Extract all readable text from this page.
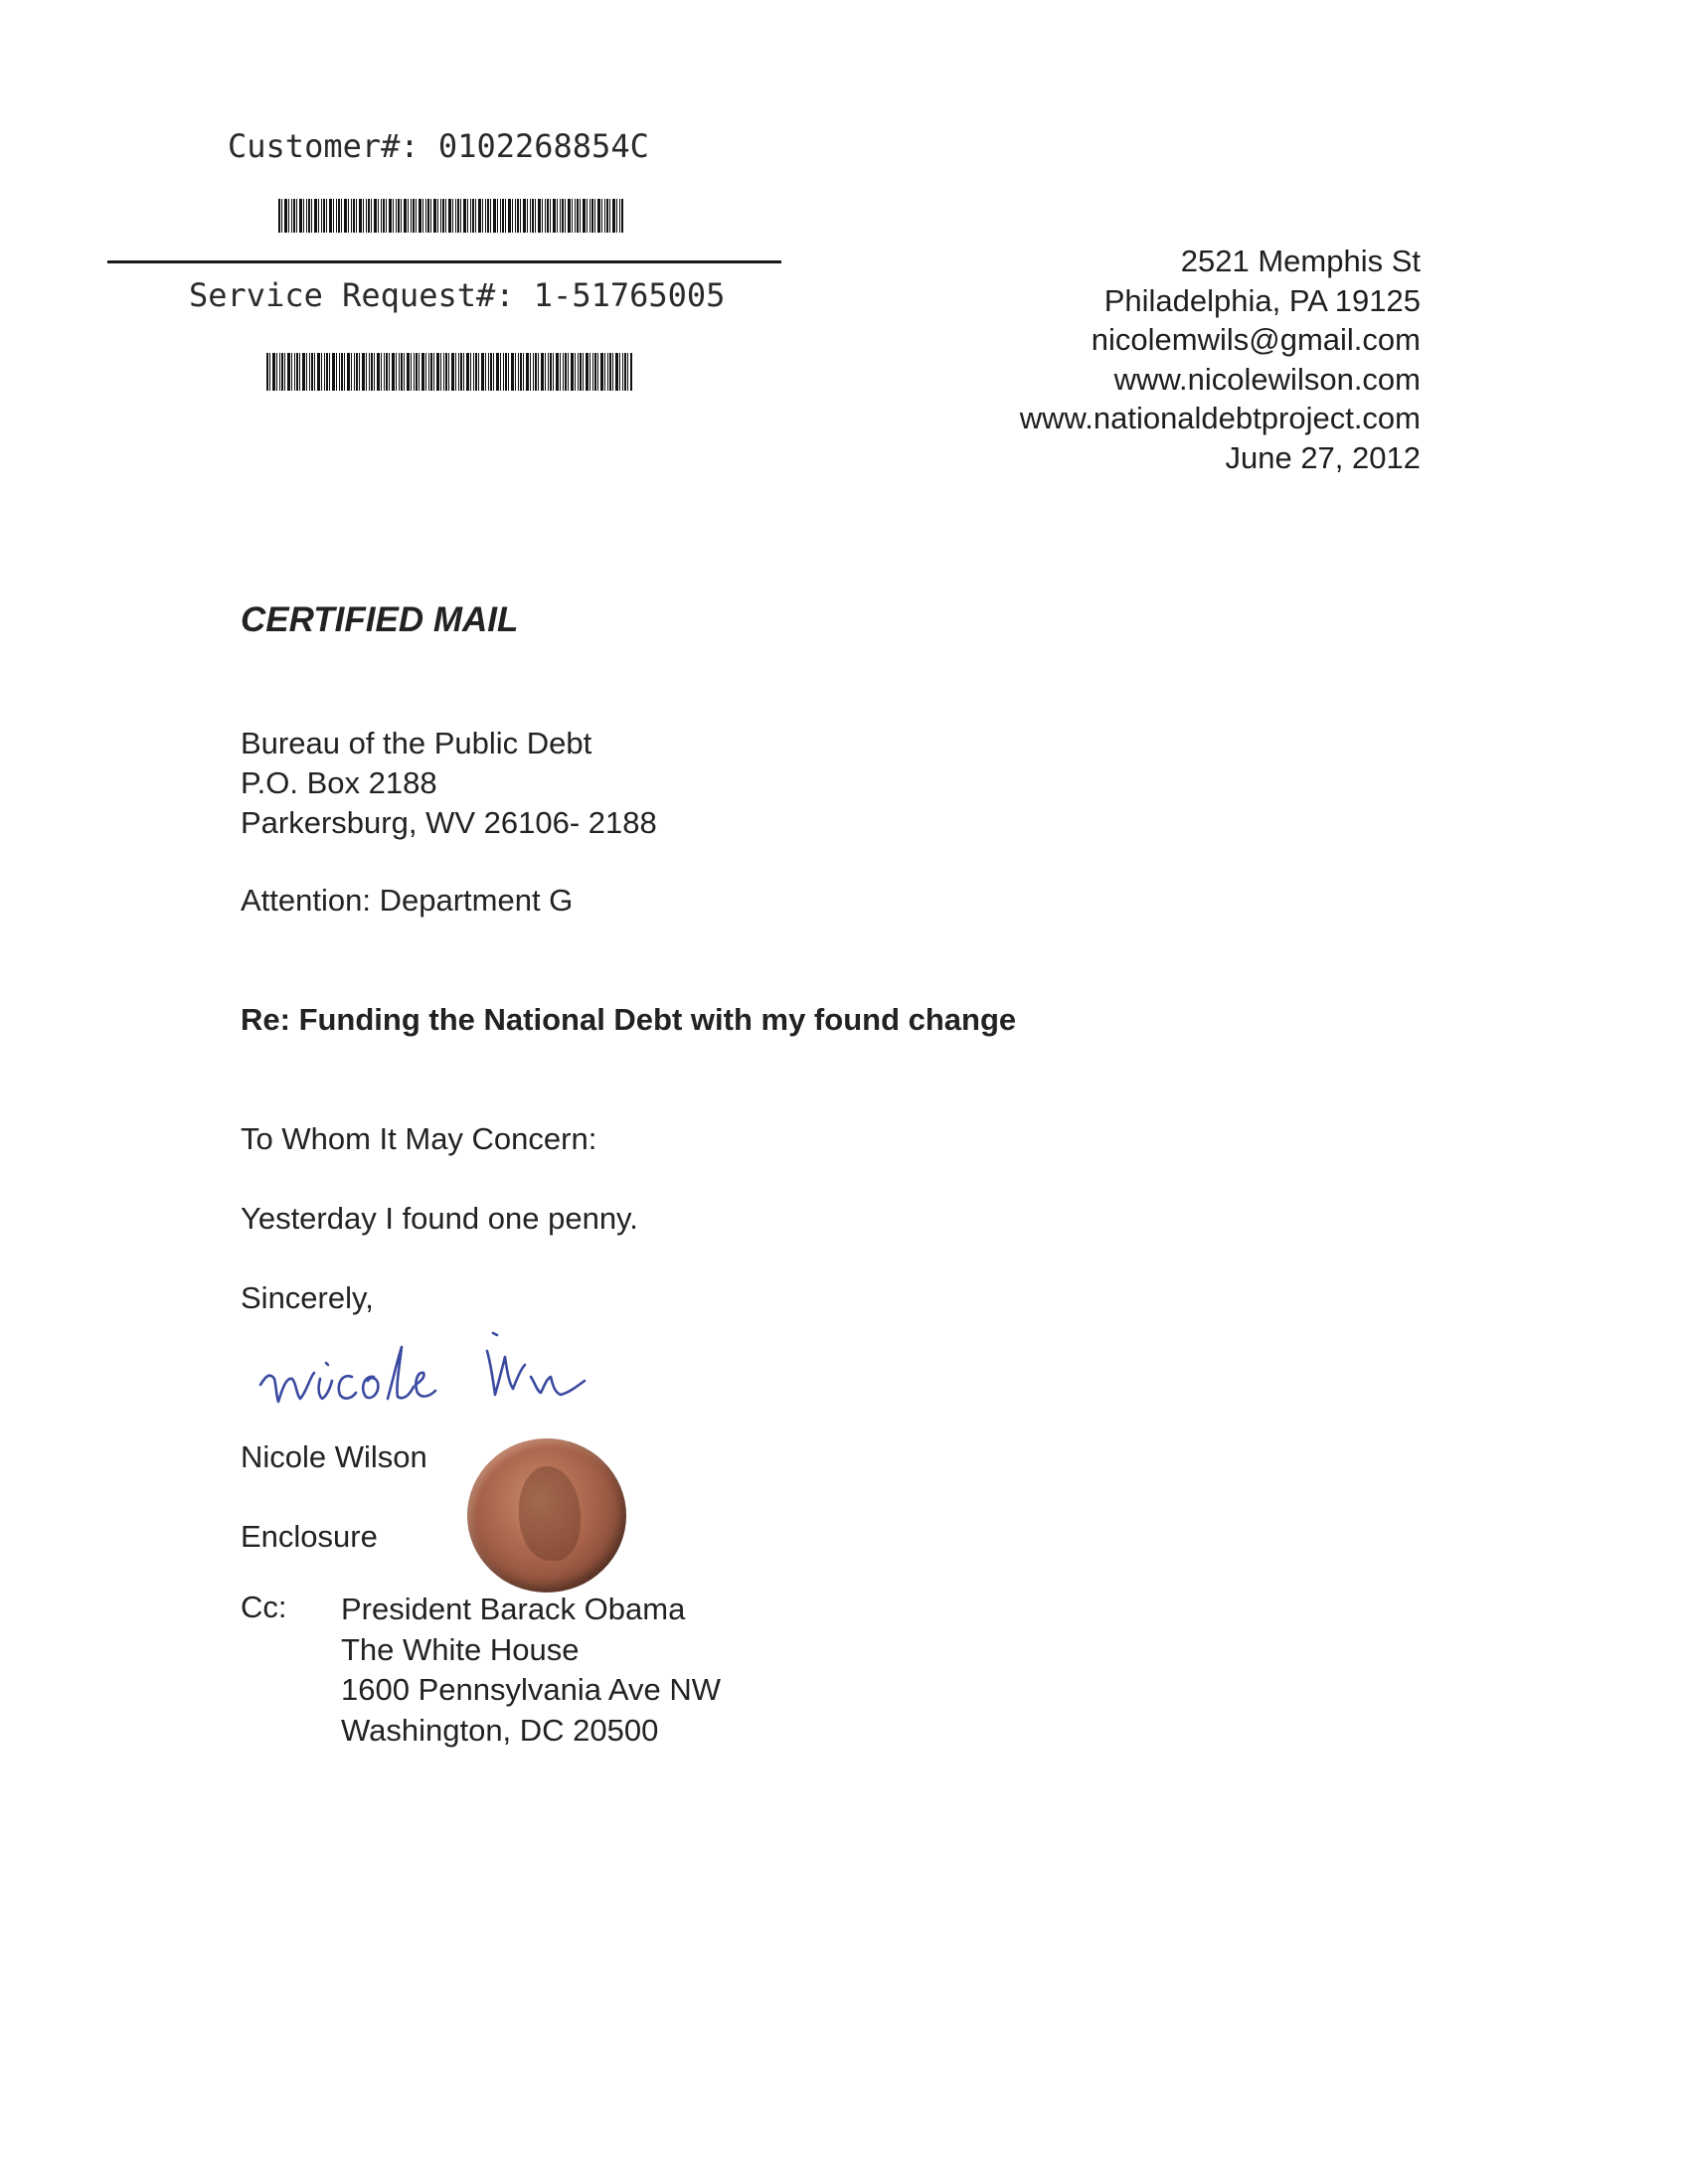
Customer#: 0102268854C
Service Request#: 1-51765005
2521 Memphis St
Philadelphia, PA 19125
nicolemwils@gmail.com
www.nicolewilson.com
www.nationaldebtproject.com
June 27, 2012
CERTIFIED MAIL
Bureau of the Public Debt
P.O. Box 2188
Parkersburg, WV 26106- 2188
Attention: Department G
Re: Funding the National Debt with my found change
To Whom It May Concern:
Yesterday I found one penny.
Sincerely,
Nicole Wilson
Enclosure
Cc: President Barack Obama
The White House
1600 Pennsylvania Ave NW
Washington, DC 20500
